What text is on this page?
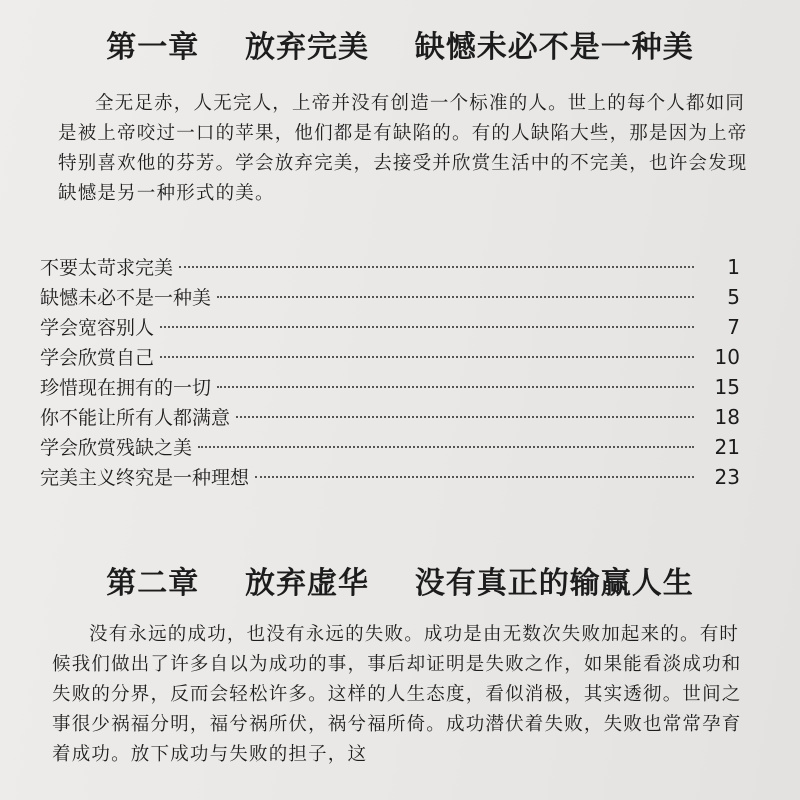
第一章    放弃完美    缺憾未必不是一种美
全无足赤，人无完人，上帝并没有创造一个标准的人。世上的每个人都如同是被上帝咬过一口的苹果，他们都是有缺陷的。有的人缺陷大些，那是因为上帝特别喜欢他的芬芳。学会放弃完美，去接受并欣赏生活中的不完美，也许会发现缺憾是另一种形式的美。
不要太苛求完美	1
缺憾未必不是一种美	5
学会宽容别人	7
学会欣赏自己	10
珍惜现在拥有的一切	15
你不能让所有人都满意	18
学会欣赏残缺之美	21
完美主义终究是一种理想	23
第二章    放弃虚华    没有真正的输赢人生
没有永远的成功，也没有永远的失败。成功是由无数次失败加起来的。有时候我们做出了许多自以为成功的事，事后却证明是失败之作，如果能看淡成功和失败的分界，反而会轻松许多。这样的人生态度，看似消极，其实透彻。世间之事很少祸福分明，福兮祸所伏，祸兮福所倚。成功潜伏着失败，失败也常常孕育着成功。放下成功与失败的担子，这
